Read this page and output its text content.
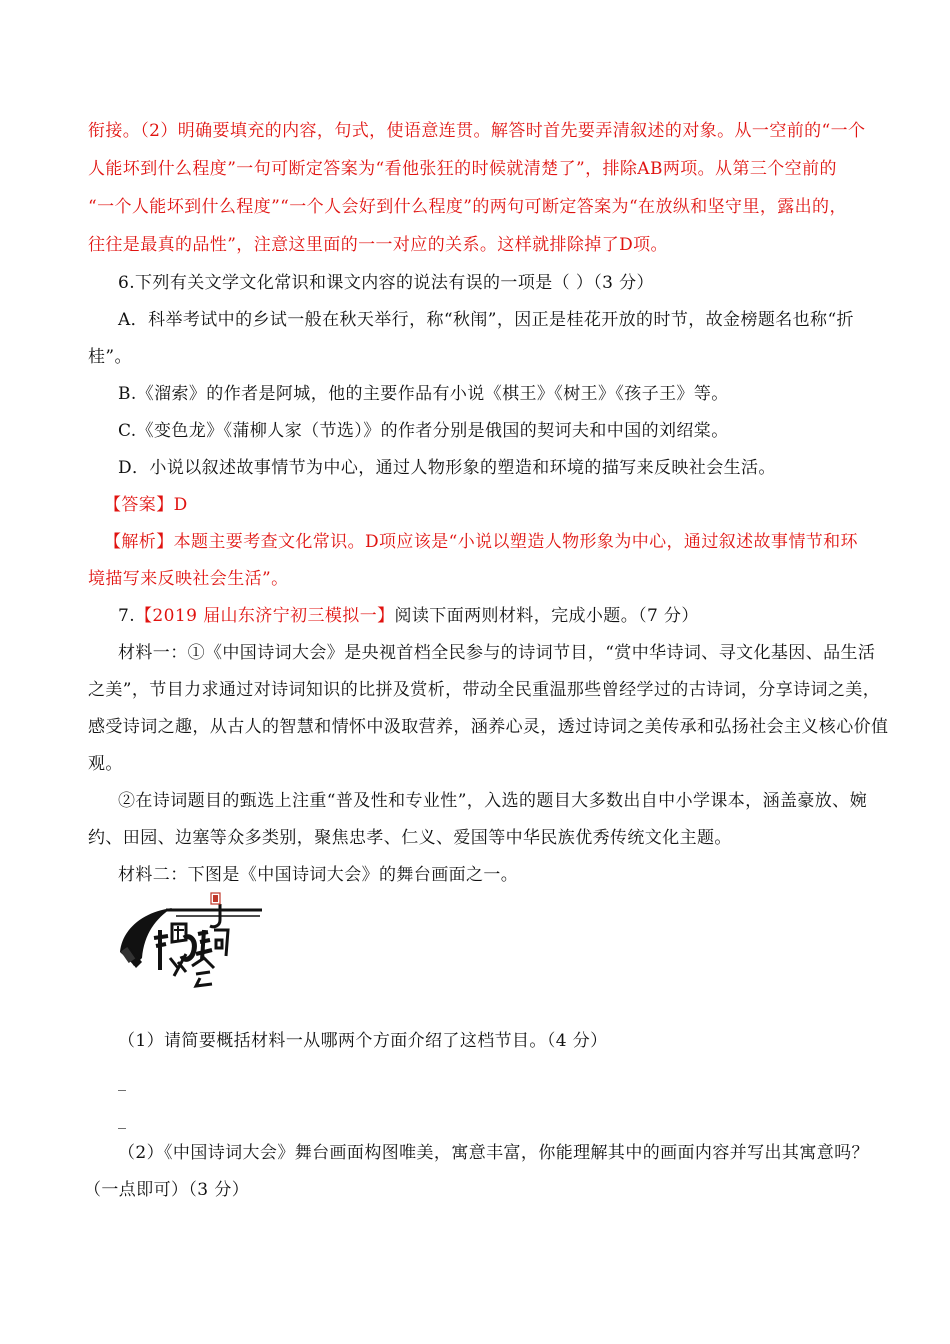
衔接。（2）明确要填充的内容，句式，使语意连贯。解答时首先要弄清叙述的对象。从一空前的“一个
人能坏到什么程度”一句可断定答案为“看他张狂的时候就清楚了”，排除AB两项。从第三个空前的
“一个人能坏到什么程度”“一个人会好到什么程度”的两句可断定答案为“在放纵和坚守里，露出的，
往往是最真的品性”，注意这里面的一一对应的关系。这样就排除掉了D项。
6.下列有关文学文化常识和课文内容的说法有误的一项是（ ）（3 分）
A．科举考试中的乡试一般在秋天举行，称“秋闱”，因正是桂花开放的时节，故金榜题名也称“折
桂”。
B.《溜索》的作者是阿城，他的主要作品有小说《棋王》《树王》《孩子王》等。
C.《变色龙》《蒲柳人家（节选）》的作者分别是俄国的契诃夫和中国的刘绍棠。
D．小说以叙述故事情节为中心，通过人物形象的塑造和环境的描写来反映社会生活。
【答案】D
【解析】本题主要考查文化常识。D项应该是“小说以塑造人物形象为中心，通过叙述故事情节和环
境描写来反映社会生活”。
7.【2019 届山东济宁初三模拟一】阅读下面两则材料，完成小题。（7 分）
材料一：①《中国诗词大会》是央视首档全民参与的诗词节目，“赏中华诗词、寻文化基因、品生活
之美”，节目力求通过对诗词知识的比拼及赏析，带动全民重温那些曾经学过的古诗词，分享诗词之美，
感受诗词之趣，从古人的智慧和情怀中汲取营养，涵养心灵，透过诗词之美传承和弘扬社会主义核心价值
观。
②在诗词题目的甄选上注重“普及性和专业性”，入选的题目大多数出自中小学课本，涵盖豪放、婉
约、田园、边塞等众多类别，聚焦忠孝、仁义、爱国等中华民族优秀传统文化主题。
材料二：下图是《中国诗词大会》的舞台画面之一。
（1）请简要概括材料一从哪两个方面介绍了这档节目。（4 分）
_
_
（2）《中国诗词大会》舞台画面构图唯美，寓意丰富，你能理解其中的画面内容并写出其寓意吗？
（一点即可）（3 分）
